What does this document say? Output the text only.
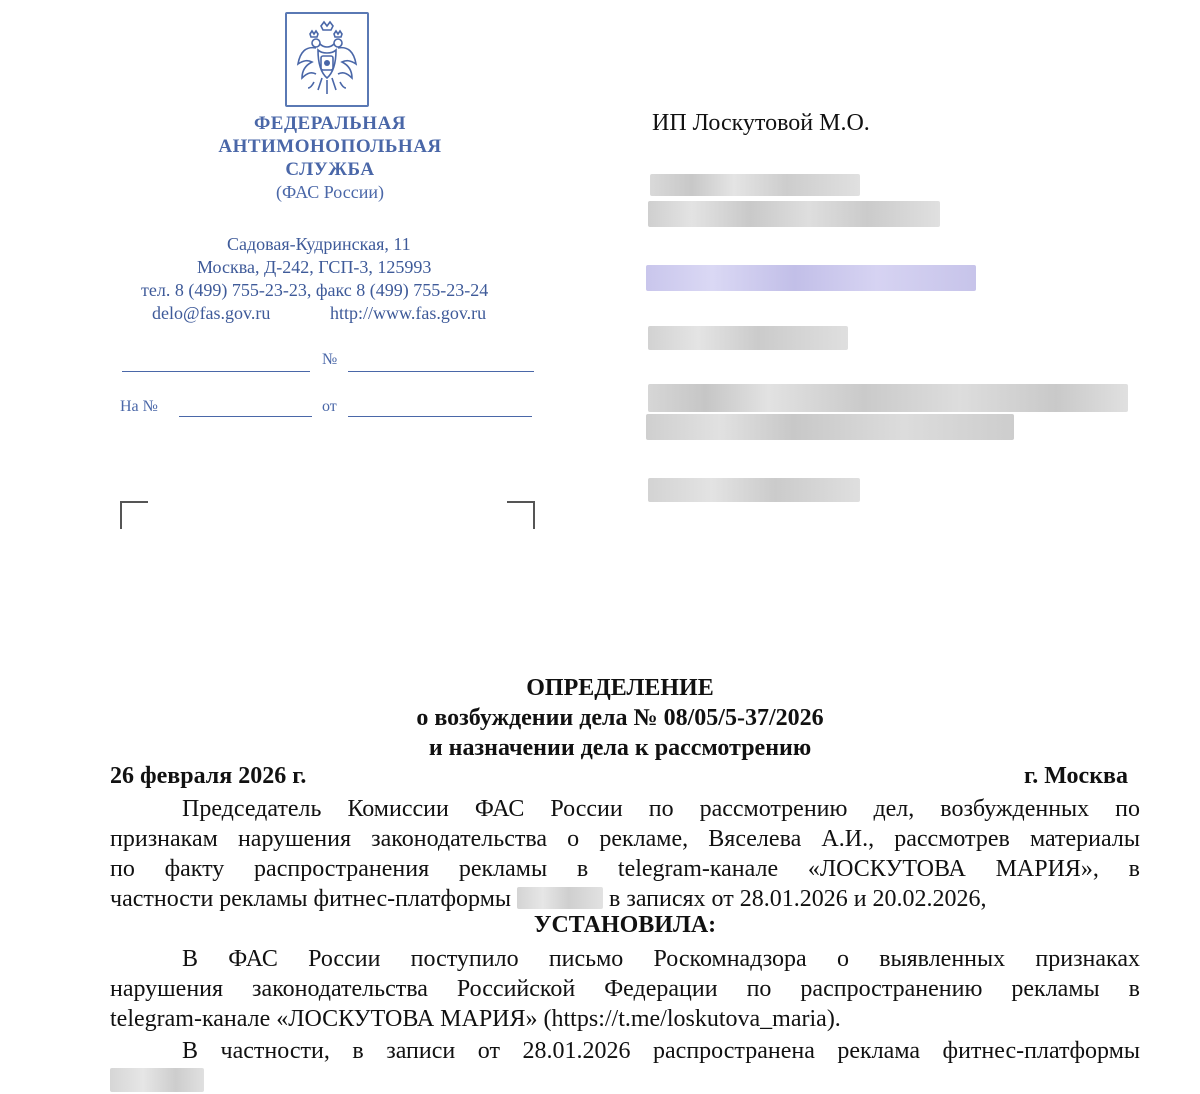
ФЕДЕРАЛЬНАЯ
АНТИМОНОПОЛЬНАЯ
СЛУЖБА
(ФАС России)
Садовая-Кудринская, 11
Москва, Д-242, ГСП-3, 125993
тел. 8 (499) 755-23-23, факс 8 (499) 755-23-24
delo@fas.gov.ru	http://www.fas.gov.ru
№
На №	от
ИП Лоскутовой М.О.
ОПРЕДЕЛЕНИЕ
о возбуждении дела № 08/05/5-37/2026
и назначении дела к рассмотрению
26 февраля 2026 г.	г. Москва
Председатель Комиссии ФАС России по рассмотрению дел, возбужденных по
признакам нарушения законодательства о рекламе, Вяселева А.И., рассмотрев материалы
по факту распространения рекламы в telegram-канале «ЛОСКУТОВА МАРИЯ», в
частности рекламы фитнес-платформы	в записях от 28.01.2026 и 20.02.2026,
УСТАНОВИЛА:
В ФАС России поступило письмо Роскомнадзора о выявленных признаках
нарушения законодательства Российской Федерации по распространению рекламы в
telegram-канале «ЛОСКУТОВА МАРИЯ» (https://t.me/loskutova_maria).
В частности, в записи от 28.01.2026 распространена реклама фитнес-платформы
